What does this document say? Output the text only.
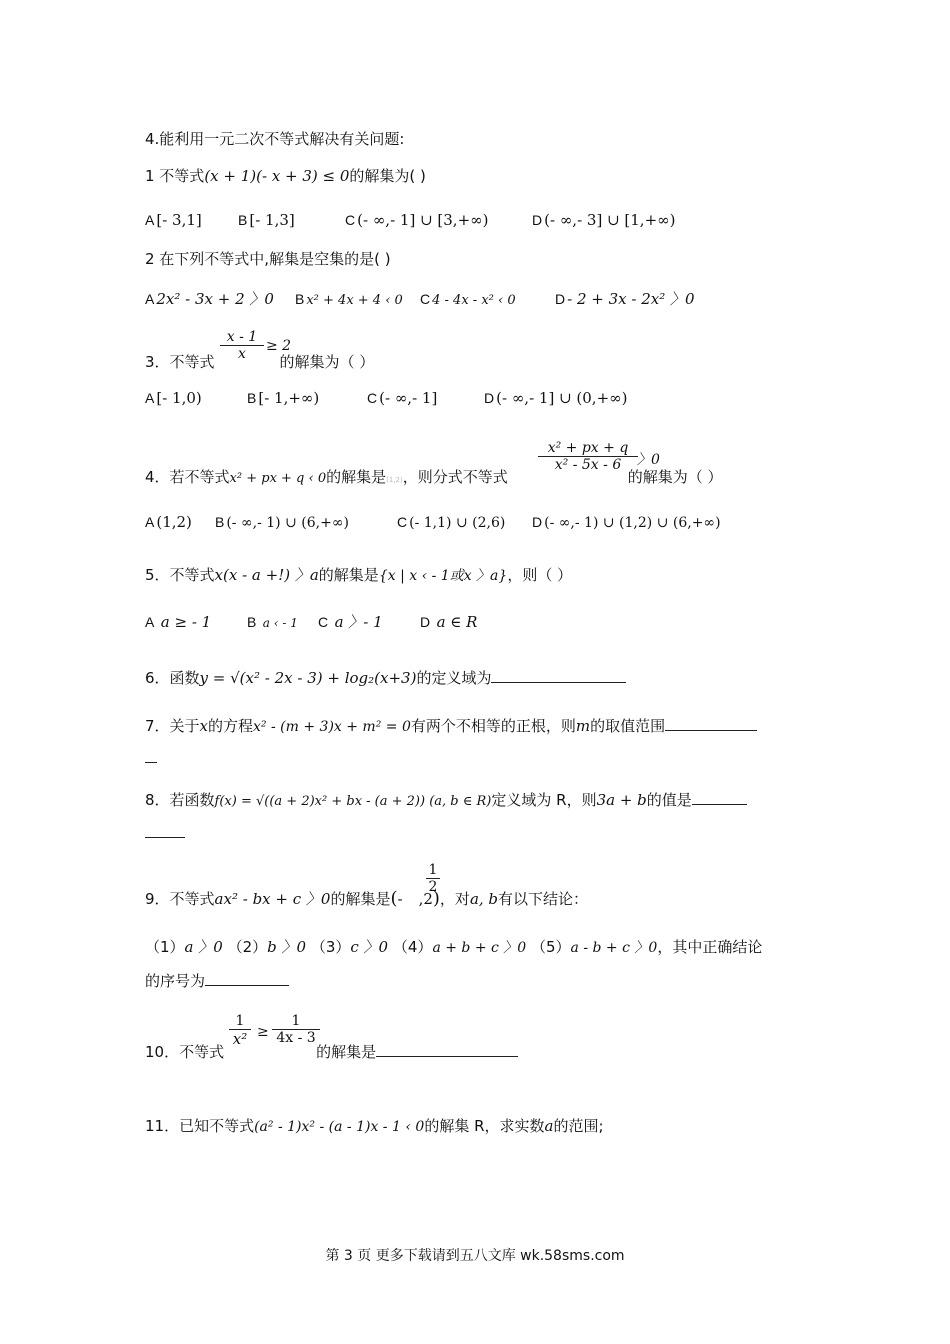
4.能利用一元二次不等式解决有关问题:
1 不等式(x + 1)(- x + 3) ≤ 0的解集为( )
A [- 3,1]	B [- 1,3]	C (- ∞,- 1] ∪ [3,+∞)	D (- ∞,- 3] ∪ [1,+∞)
2 在下列不等式中,解集是空集的是( )
A 2x² - 3x + 2 〉0 B x² + 4x + 4 ‹ 0 C 4 - 4x - x² ‹ 0	D - 2 + 3x - 2x² 〉0
$\frac{x - 1}{x} \ge 2$
3．不等式	的解集为（ ）
A [- 1,0)	B [- 1,+∞)	C (- ∞,- 1]	D (- ∞,- 1] ∪ (0,+∞)
$\frac{\text{x² + px + q}}{\text{x² - 5x - 6}}$ 〉0
4．若不等式x² + px + q ‹ 0的解集是(1,2)，则分式不等式	的解集为（ ）
A (1,2) B (- ∞,- 1) ∪ (6,+∞)	C (- 1,1) ∪ (2,6) D (- ∞,- 1) ∪ (1,2) ∪ (6,+∞)
5．不等式x(x - a +!) 〉a的解集是{x | x ‹ - 1或x 〉a}，则（ ）
A a ≥ - 1	B a ‹ - 1 C a 〉- 1	D a ∈ R
6．函数y = √(x² - 2x - 3) + log₂(x+3)的定义域为
7．关于x的方程x² - (m + 3)x + m² = 0有两个不相等的正根，则m的取值范围
8．若函数f(x) = √((a + 2)x² + bx - (a + 2)) (a, b ∈ R)定义域为 R，则3a + b的值是
$\frac{1}{2}$
9．不等式ax² - bx + c 〉0的解集是(- ,2)，对a, b有以下结论：
（1）a 〉0 （2）b 〉0 （3）c 〉0 （4）a + b + c 〉0 （5）a - b + c 〉0，其中正确结论
的序号为
$\frac{1}{\text{x²}} \ge \frac{1}{4x - 3}$
10．不等式	的解集是
11．已知不等式(a² - 1)x² - (a - 1)x - 1 ‹ 0的解集 R，求实数a的范围;
第 3 页 更多下载请到五八文库 wk.58sms.com
